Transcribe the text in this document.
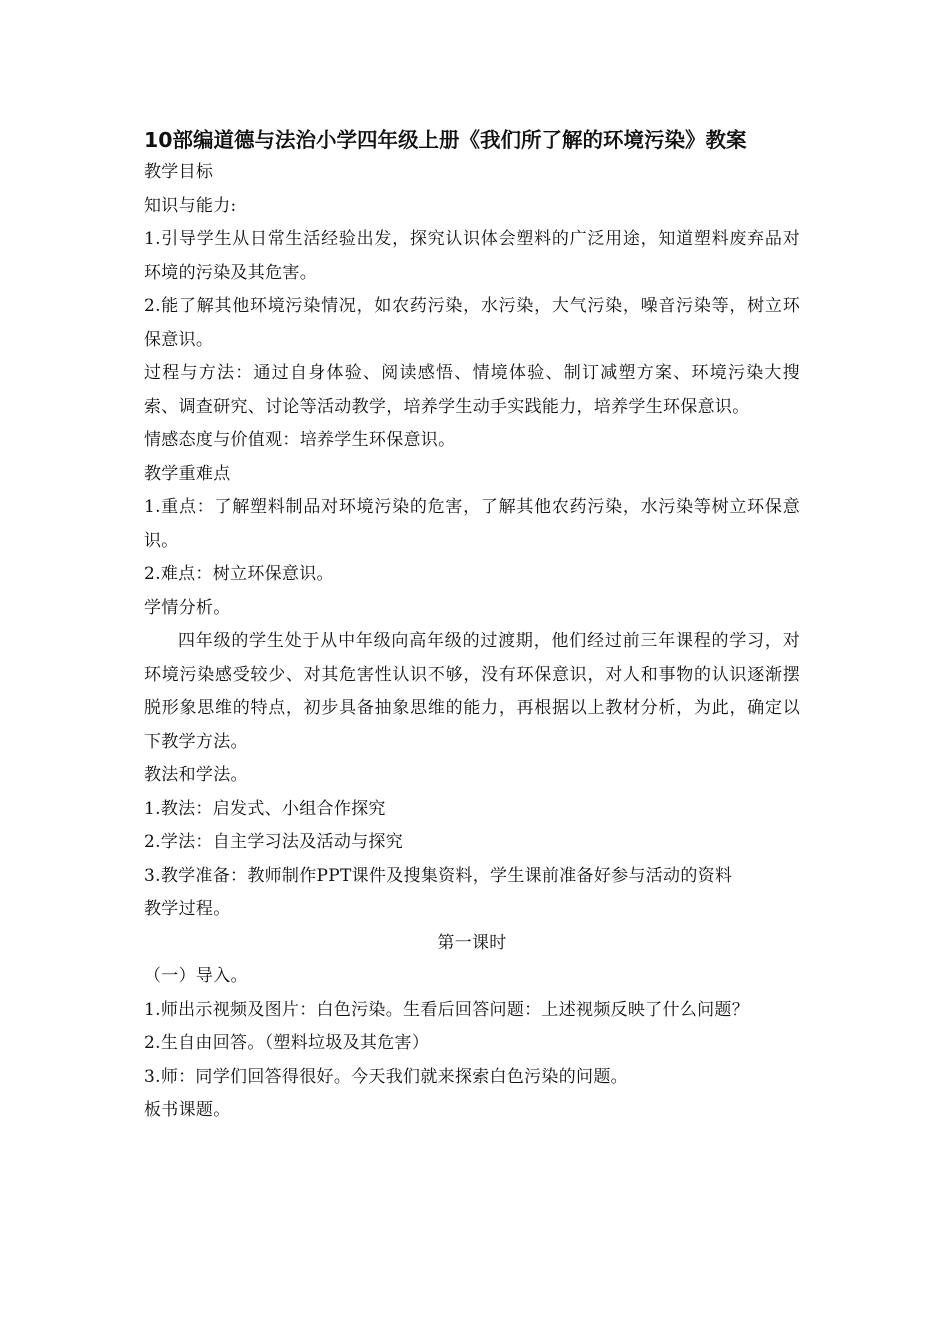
10部编道德与法治小学四年级上册《我们所了解的环境污染》教案

教学目标

知识与能力:

1.引导学生从日常生活经验出发，探究认识体会塑料的广泛用途，知道塑料废弃品对环境的污染及其危害。

2.能了解其他环境污染情况，如农药污染，水污染，大气污染，噪音污染等，树立环保意识。

过程与方法：通过自身体验、阅读感悟、情境体验、制订减塑方案、环境污染大搜索、调查研究、讨论等活动教学，培养学生动手实践能力，培养学生环保意识。

情感态度与价值观：培养学生环保意识。

教学重难点

1.重点：了解塑料制品对环境污染的危害，了解其他农药污染，水污染等树立环保意识。

2.难点：树立环保意识。

学情分析。

四年级的学生处于从中年级向高年级的过渡期，他们经过前三年课程的学习，对环境污染感受较少、对其危害性认识不够，没有环保意识，对人和事物的认识逐渐摆脱形象思维的特点，初步具备抽象思维的能力，再根据以上教材分析，为此，确定以下教学方法。

教法和学法。

1.教法：启发式、小组合作探究

2.学法：自主学习法及活动与探究

3.教学准备：教师制作PPT课件及搜集资料，学生课前准备好参与活动的资料

教学过程。

第一课时

（一）导入。

1.师出示视频及图片：白色污染。生看后回答问题：上述视频反映了什么问题？

2.生自由回答。（塑料垃圾及其危害）

3.师：同学们回答得很好。今天我们就来探索白色污染的问题。

板书课题。
